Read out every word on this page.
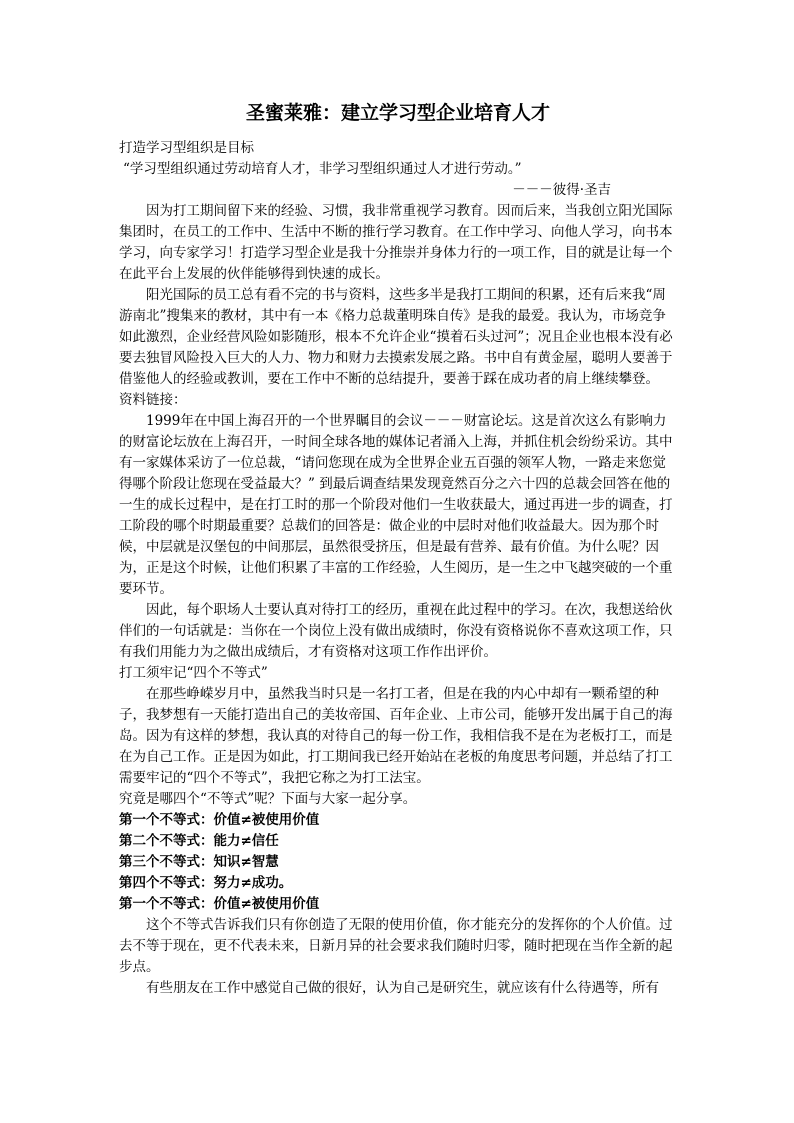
圣蜜莱雅：建立学习型企业培育人才

打造学习型组织是目标

“学习型组织通过劳动培育人才，非学习型组织通过人才进行劳动。”

－－－彼得·圣吉

因为打工期间留下来的经验、习惯，我非常重视学习教育。因而后来，当我创立阳光国际集团时，在员工的工作中、生活中不断的推行学习教育。在工作中学习、向他人学习，向书本学习，向专家学习！打造学习型企业是我十分推崇并身体力行的一项工作，目的就是让每一个在此平台上发展的伙伴能够得到快速的成长。

阳光国际的员工总有看不完的书与资料，这些多半是我打工期间的积累，还有后来我“周游南北”搜集来的教材，其中有一本《格力总裁董明珠自传》是我的最爱。我认为，市场竞争如此激烈，企业经营风险如影随形，根本不允许企业“摸着石头过河”；况且企业也根本没有必要去独冒风险投入巨大的人力、物力和财力去摸索发展之路。书中自有黄金屋，聪明人要善于借鉴他人的经验或教训，要在工作中不断的总结提升，要善于踩在成功者的肩上继续攀登。

资料链接：

1999年在中国上海召开的一个世界瞩目的会议－－－财富论坛。这是首次这么有影响力的财富论坛放在上海召开，一时间全球各地的媒体记者涌入上海，并抓住机会纷纷采访。其中有一家媒体采访了一位总裁，“请问您现在成为全世界企业五百强的领军人物，一路走来您觉得哪个阶段让您现在受益最大？” 到最后调查结果发现竟然百分之六十四的总裁会回答在他的一生的成长过程中，是在打工时的那一个阶段对他们一生收获最大，通过再进一步的调查，打工阶段的哪个时期最重要？总裁们的回答是：做企业的中层时对他们收益最大。因为那个时候，中层就是汉堡包的中间那层，虽然很受挤压，但是最有营养、最有价值。为什么呢？因为，正是这个时候，让他们积累了丰富的工作经验，人生阅历，是一生之中飞越突破的一个重要环节。

因此，每个职场人士要认真对待打工的经历，重视在此过程中的学习。在次，我想送给伙伴们的一句话就是：当你在一个岗位上没有做出成绩时，你没有资格说你不喜欢这项工作，只有我们用能力为之做出成绩后，才有资格对这项工作作出评价。

打工须牢记“四个不等式”

在那些峥嵘岁月中，虽然我当时只是一名打工者，但是在我的内心中却有一颗希望的种子，我梦想有一天能打造出自己的美妆帝国、百年企业、上市公司，能够开发出属于自己的海岛。因为有这样的梦想，我认真的对待自己的每一份工作，我相信我不是在为老板打工，而是在为自己工作。正是因为如此，打工期间我已经开始站在老板的角度思考问题，并总结了打工需要牢记的“四个不等式”，我把它称之为打工法宝。

究竟是哪四个“不等式”呢？下面与大家一起分享。

第一个不等式：价值≠被使用价值

第二个不等式：能力≠信任

第三个不等式：知识≠智慧

第四个不等式：努力≠成功。

第一个不等式：价值≠被使用价值

这个不等式告诉我们只有你创造了无限的使用价值，你才能充分的发挥你的个人价值。过去不等于现在，更不代表未来，日新月异的社会要求我们随时归零，随时把现在当作全新的起步点。

有些朋友在工作中感觉自己做的很好，认为自己是研究生，就应该有什么待遇等，所有
